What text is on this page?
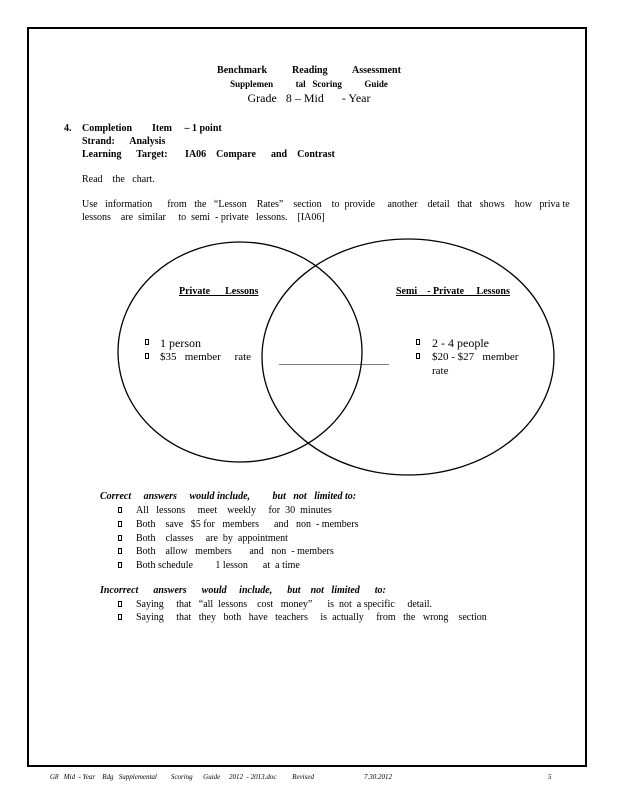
Benchmark          Reading          Assessment
Supplemen          tal   Scoring          Guide
Grade   8 – Mid      - Year
4. Completion        Item     – 1 point
Strand:      Analysis
Learning      Target:       IA06    Compare      and    Contrast
Read    the   chart.
Use   information      from   the   “Lesson    Rates”    section    to  provide     another    detail   that   shows    how   priva te
lessons    are  similar     to  semi  - private   lessons.    [IA06]
Private      Lessons	Semi    - Private     Lessons
1 person
$35   member     rate	____________________
2 - 4 people
$20 - $27   member
rate
Correct     answers     would include,         but   not   limited to:
All   lessons     meet    weekly     for  30  minutes
Both    save   $5 for   members      and   non  - members
Both    classes     are  by  appointment
Both    allow   members       and   non  - members
Both schedule         1 lesson      at  a time
Incorrect      answers      would     include,      but    not   limited      to:
Saying     that   “all  lessons    cost   money”      is  not  a specific     detail.
Saying     that   they   both   have   teachers     is  actually     from   the   wrong    section
G8   Mid  - Year    Rdg   Supplemental        Scoring      Guide     2012  - 2013.doc         Revised	7.30.2012	5
